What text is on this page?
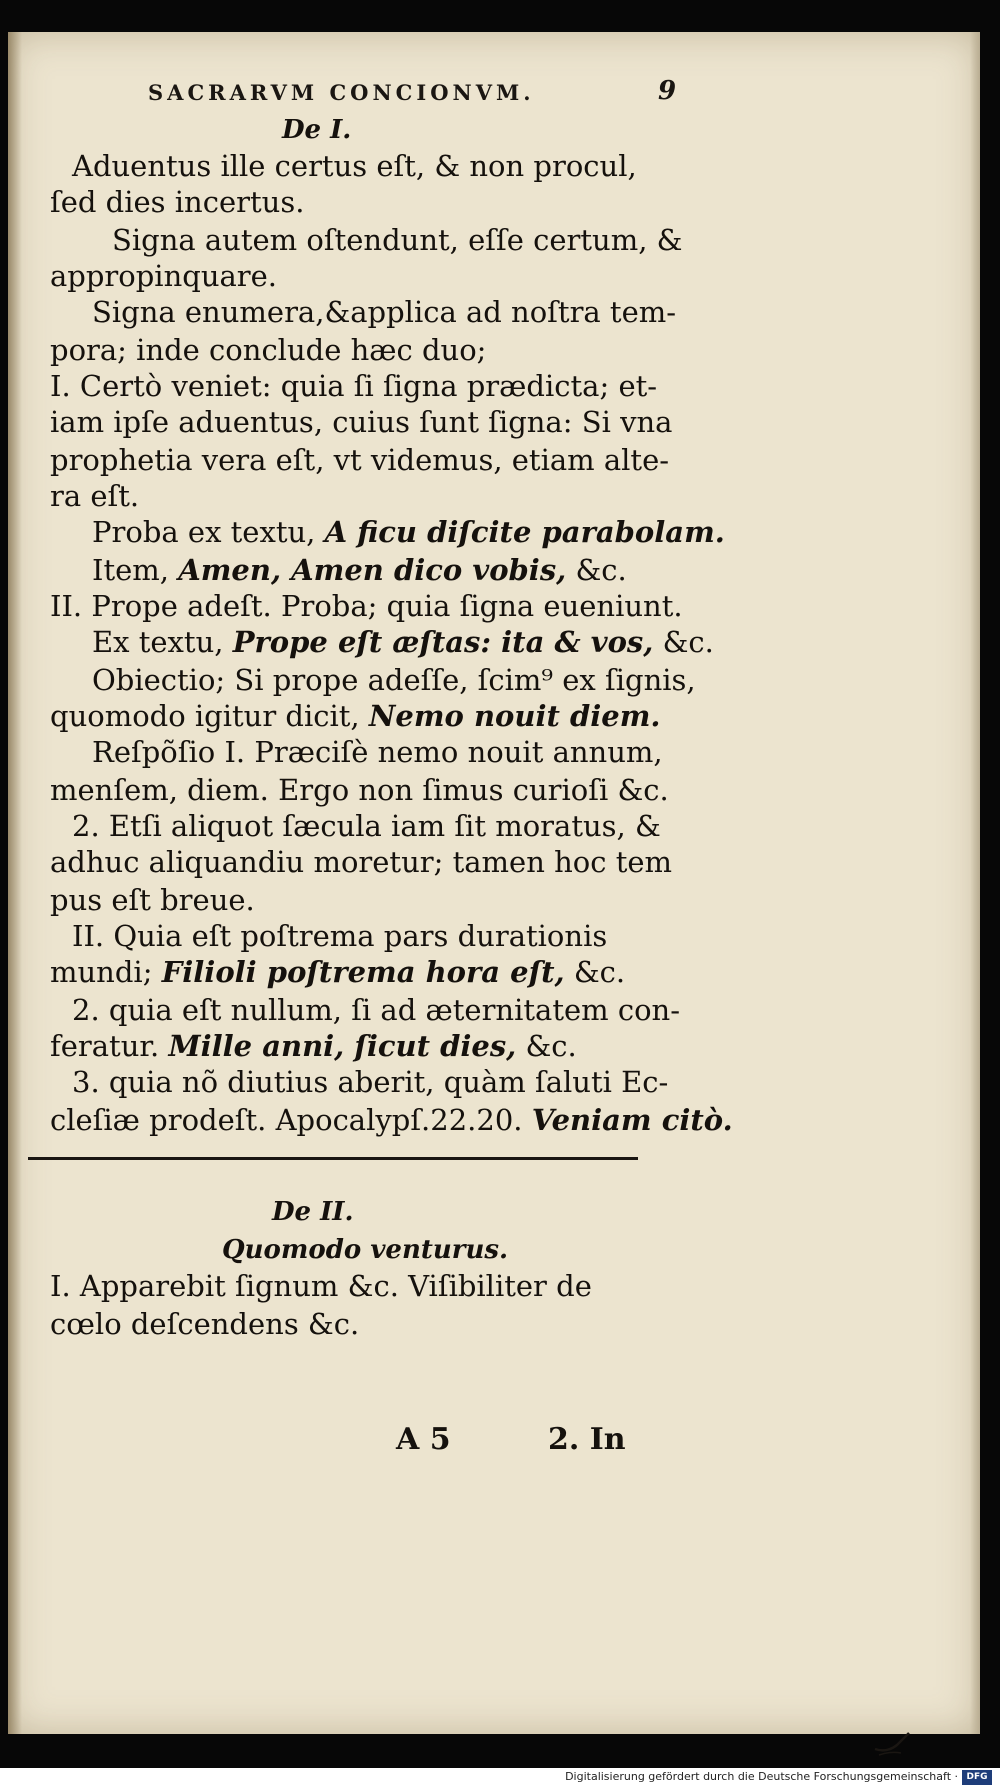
SACRARVM CONCIONVM.	9
De I.
Aduentus ille certus eſt, & non procul,
ſed dies incertus.
Signa autem oſtendunt, eſſe certum, &
appropinquare.
Signa enumera,&applica ad noſtra tem-
pora; inde conclude hæc duo;
I. Certò veniet: quia ſi ſigna prædicta; et-
iam ipſe aduentus, cuius ſunt ſigna: Si vna
prophetia vera eſt, vt videmus, etiam alte-
ra eſt.
Proba ex textu, A ficu diſcite parabolam.
Item, Amen, Amen dico vobis, &c.
II. Prope adeſt. Proba; quia ſigna eueniunt.
Ex textu, Prope eſt æſtas: ita & vos, &c.
Obiectio; Si prope adeſſe, ſcim⁹ ex ſignis,
quomodo igitur dicit, Nemo nouit diem.
Reſpõſio I. Præciſè nemo nouit annum,
menſem, diem. Ergo non ſimus curioſi &c.
2. Etſi aliquot ſæcula iam ſit moratus, &
adhuc aliquandiu moretur; tamen hoc tem
pus eſt breue.
II. Quia eſt poſtrema pars durationis
mundi; Filioli poſtrema hora eſt, &c.
2. quia eſt nullum, ſi ad æternitatem con-
feratur. Mille anni, ſicut dies, &c.
3. quia nõ diutius aberit, quàm ſaluti Ec-
cleſiæ prodeſt. Apocalypſ.22.20. Veniam citò.
De II.
Quomodo venturus.
I. Apparebit ſignum &c. Viſibiliter de
cœlo deſcendens &c.
A 5	2. In
Digitalisierung gefördert durch die Deutsche Forschungsgemeinschaft · DFG
